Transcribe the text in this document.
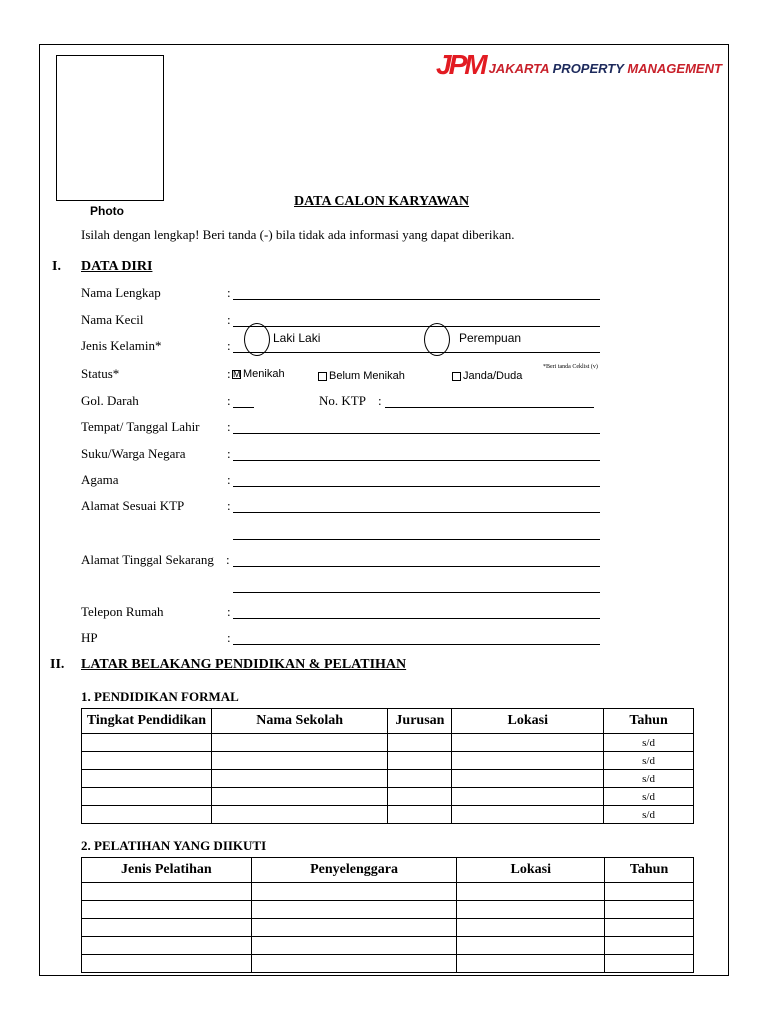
Photo
JPM JAKARTA PROPERTY MANAGEMENT
DATA CALON KARYAWAN
Isilah dengan lengkap! Beri tanda (-) bila tidak ada informasi yang dapat diberikan.
I. DATA DIRI
Nama Lengkap	:
Nama Kecil	:
Jenis Kelamin*	:	Laki Laki	Perempuan
Status*	: M Menikah	Belum Menikah	Janda/Duda
*Beri tanda Ceklist (v)
Gol. Darah	:	No. KTP :
Tempat/ Tanggal Lahir :
Suku/Warga Negara	:
Agama	:
Alamat Sesuai KTP	:
Alamat Tinggal Sekarang :
Telepon Rumah	:
HP	:
II. LATAR BELAKANG PENDIDIKAN & PELATIHAN
1. PENDIDIKAN FORMAL
Tingkat Pendidikan	Nama Sekolah	Jurusan	Lokasi	Tahun
				s/d
				s/d
				s/d
				s/d
				s/d
2. PELATIHAN YANG DIIKUTI
Jenis Pelatihan	Penyelenggara	Lokasi	Tahun
